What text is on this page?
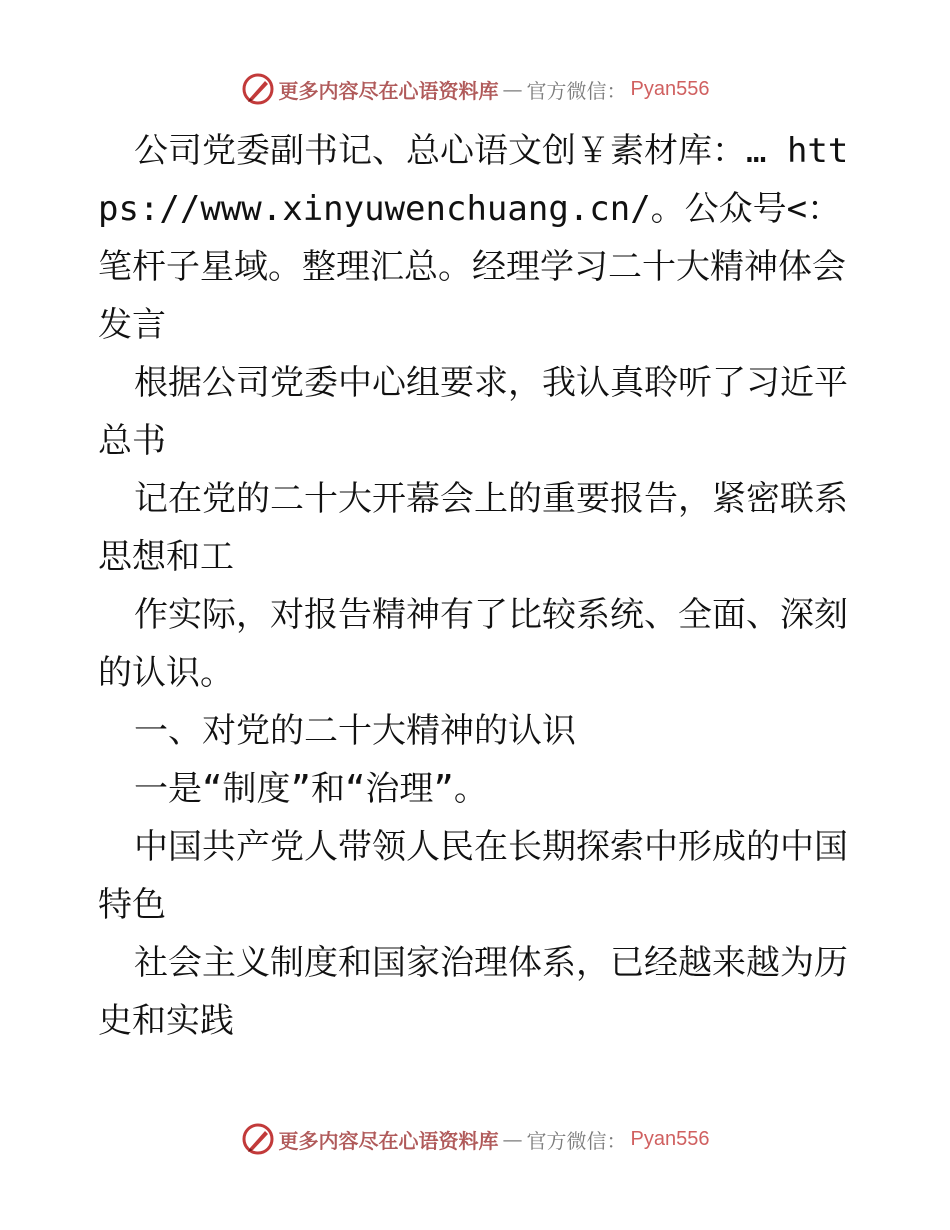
更多内容尽在心语资料库 — 官方微信： Pyan556

公司党委副书记、总心语文创￥素材库：… https://www.xinyuwenchuang.cn/。公众号<：笔杆子星域。整理汇总。经理学习二十大精神体会发言

根据公司党委中心组要求，我认真聆听了习近平总书

记在党的二十大开幕会上的重要报告，紧密联系思想和工

作实际，对报告精神有了比较系统、全面、深刻的认识。

一、对党的二十大精神的认识

一是“制度”和“治理”。

中国共产党人带领人民在长期探索中形成的中国特色

社会主义制度和国家治理体系，已经越来越为历史和实践

更多内容尽在心语资料库 — 官方微信： Pyan556
